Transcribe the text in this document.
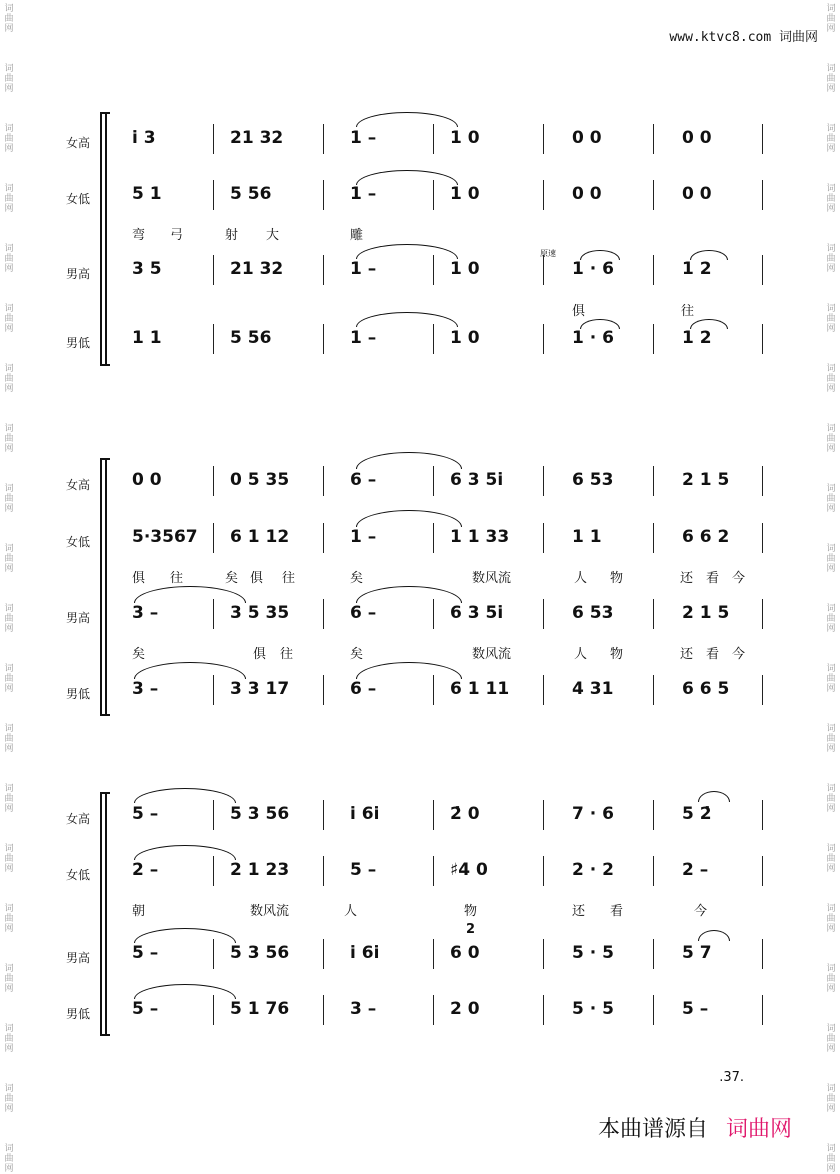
www.ktvc8.com 词曲网
词曲网
词曲网
词曲网
词曲网
词曲网
词曲网
词曲网
词曲网
词曲网
词曲网
词曲网
词曲网
词曲网
词曲网
词曲网
词曲网
词曲网
词曲网
词曲网
词曲网
词曲网
词曲网
词曲网
词曲网
词曲网
词曲网
词曲网
词曲网
词曲网
词曲网
词曲网
词曲网
词曲网
词曲网
词曲网
词曲网
词曲网
词曲网
词曲网
词曲网
女高
女低
男高
男低
i̇ 3	21 32	1 –	1 0	0 0	0 0
5 1	5 56	1 –	1 0	0 0	0 0
3 5	21 32	1 –	1 0	1 · 6	1 2
1 1	5 56	1 –	1 0	1 · 6	1 2
弯 弓	射 大	雕
俱	往
原速
女高
女低
男高
男低
0 0	0 5 35	6 –	6 3 5i̇	6 53	2 1 5
5·3567 6 1 12	1 –	1 1 33	1 1	6 6 2
3 –	3 5 35	6 –	6 3 5i̇	6 53	2 1 5
3 –	3 3 17	6 –	6 1 11	4 31	6 6 5
俱 往	矣 俱 往	矣	数风流	人 物	还 看 今
矣	俱 往	矣	数风流	人 物	还 看 今
女高
女低
男高
男低
5 –	5 3 56	i̇ 6i̇	2̇ 0	7 · 6	5 2̇
2 –	2 1 23	5 –	♯4 0	2 · 2	2 –
5 –	5 3 56	i̇ 6i̇	6 0	5 · 5	5 7
5 –	5 1 76	3 –	2 0	5 · 5	5 –
朝	数风流	人	物	还 看	今
2
.37.
本曲谱源自 词曲网
